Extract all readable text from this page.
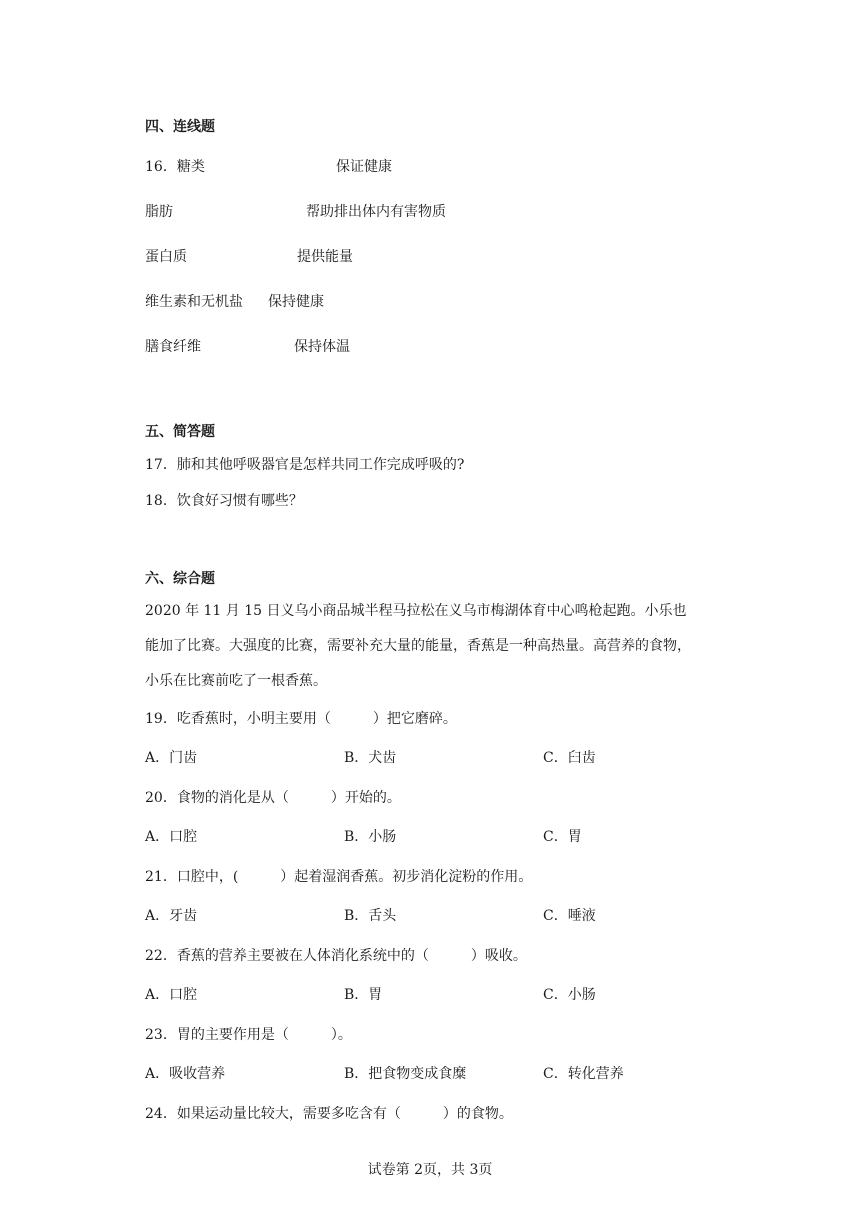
四、连线题
16．糖类	保证健康
脂肪	帮助排出体内有害物质
蛋白质	提供能量
维生素和无机盐 保持健康
膳食纤维	保持体温
五、简答题
17．肺和其他呼吸器官是怎样共同工作完成呼吸的?
18．饮食好习惯有哪些？
六、综合题

2020 年 11 月 15 日义乌小商品城半程马拉松在义乌市梅湖体育中心鸣枪起跑。小乐也

能加了比赛。大强度的比赛，需要补充大量的能量，香蕉是一种高热量。高营养的食物，

小乐在比赛前吃了一根香蕉。

19．吃香蕉时，小明主要用（　　　）把它磨碎。
A．门齿	B．犬齿	C．臼齿
20．食物的消化是从（　　　）开始的。
A．口腔	B．小肠	C．胃
21．口腔中，(　　　）起着湿润香蕉。初步消化淀粉的作用。
A．牙齿	B．舌头	C．唾液
22．香蕉的营养主要被在人体消化系统中的（　　　）吸收。
A．口腔	B．胃	C．小肠
23．胃的主要作用是（　　　）。
A．吸收营养	B．把食物变成食糜	C．转化营养
24．如果运动量比较大，需要多吃含有（　　　）的食物。
试卷第 2页，共 3页
